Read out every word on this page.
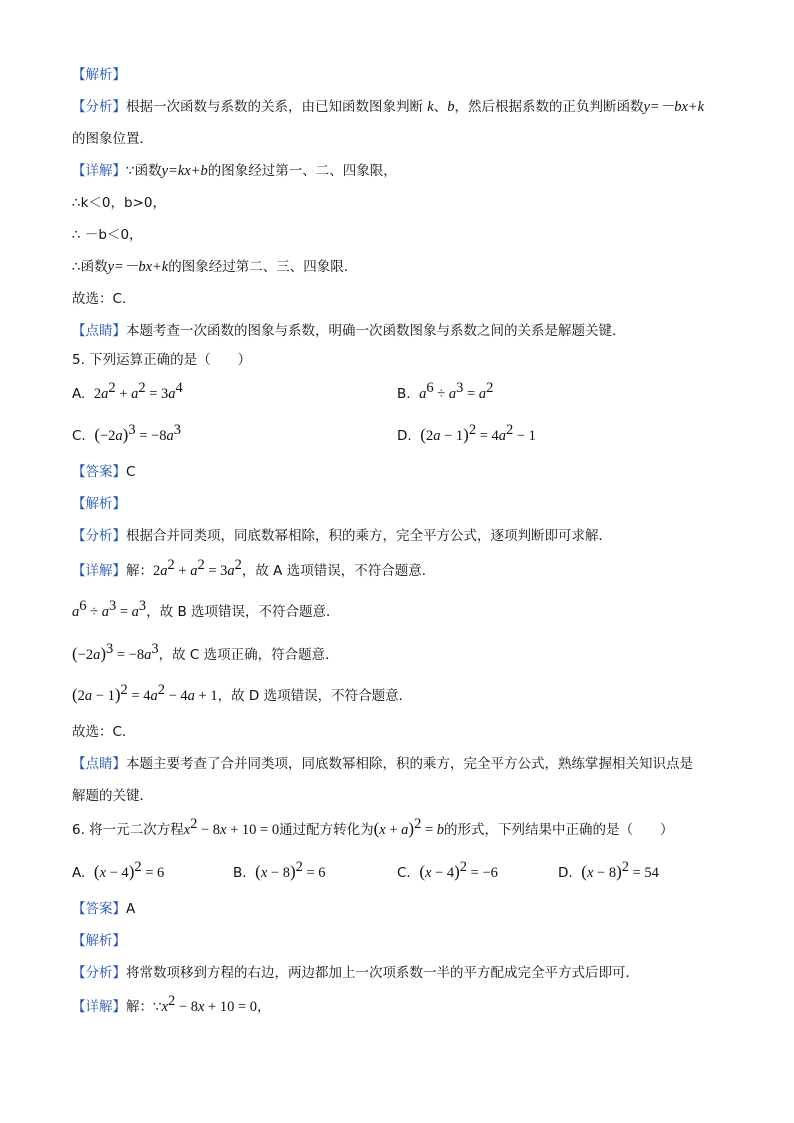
【解析】
【分析】根据一次函数与系数的关系，由已知函数图象判断 k、b，然后根据系数的正负判断函数y=－bx+k
的图象位置．
【详解】∵函数y=kx+b的图象经过第一、二、四象限，
∴k＜0，b>0，
∴ －b＜0，
∴函数y=－bx+k的图象经过第二、三、四象限．
故选：C．
【点睛】本题考查一次函数的图象与系数，明确一次函数图象与系数之间的关系是解题关键．
5. 下列运算正确的是（　　）
A. $2a^2 + a^2 = 3a^4$	B. $a^6 \div a^3 = a^2$
C. $(-2a)^3 = -8a^3$	D. $(2a - 1)^2 = 4a^2 - 1$
【答案】C
【解析】
【分析】根据合并同类项，同底数幂相除，积的乘方，完全平方公式，逐项判断即可求解．
【详解】解：$2a^2 + a^2 = 3a^2$，故 A 选项错误，不符合题意．
$a^6 \div a^3 = a^3$，故 B 选项错误，不符合题意．
$(-2a)^3 = -8a^3$，故 C 选项正确，符合题意．
$(2a - 1)^2 = 4a^2 - 4a + 1$，故 D 选项错误，不符合题意．
故选：C．
【点睛】本题主要考查了合并同类项，同底数幂相除，积的乘方，完全平方公式，熟练掌握相关知识点是
解题的关键．
6. 将一元二次方程$x^2 - 8x + 10 = 0$通过配方转化为$(x + a)^2 = b$的形式，下列结果中正确的是（　　）
A. $(x - 4)^2 = 6$	B. $(x - 8)^2 = 6$	C. $(x - 4)^2 = -6$	D. $(x - 8)^2 = 54$
【答案】A
【解析】
【分析】将常数项移到方程的右边，两边都加上一次项系数一半的平方配成完全平方式后即可．
【详解】解：$\because x^2 - 8x + 10 = 0$，
